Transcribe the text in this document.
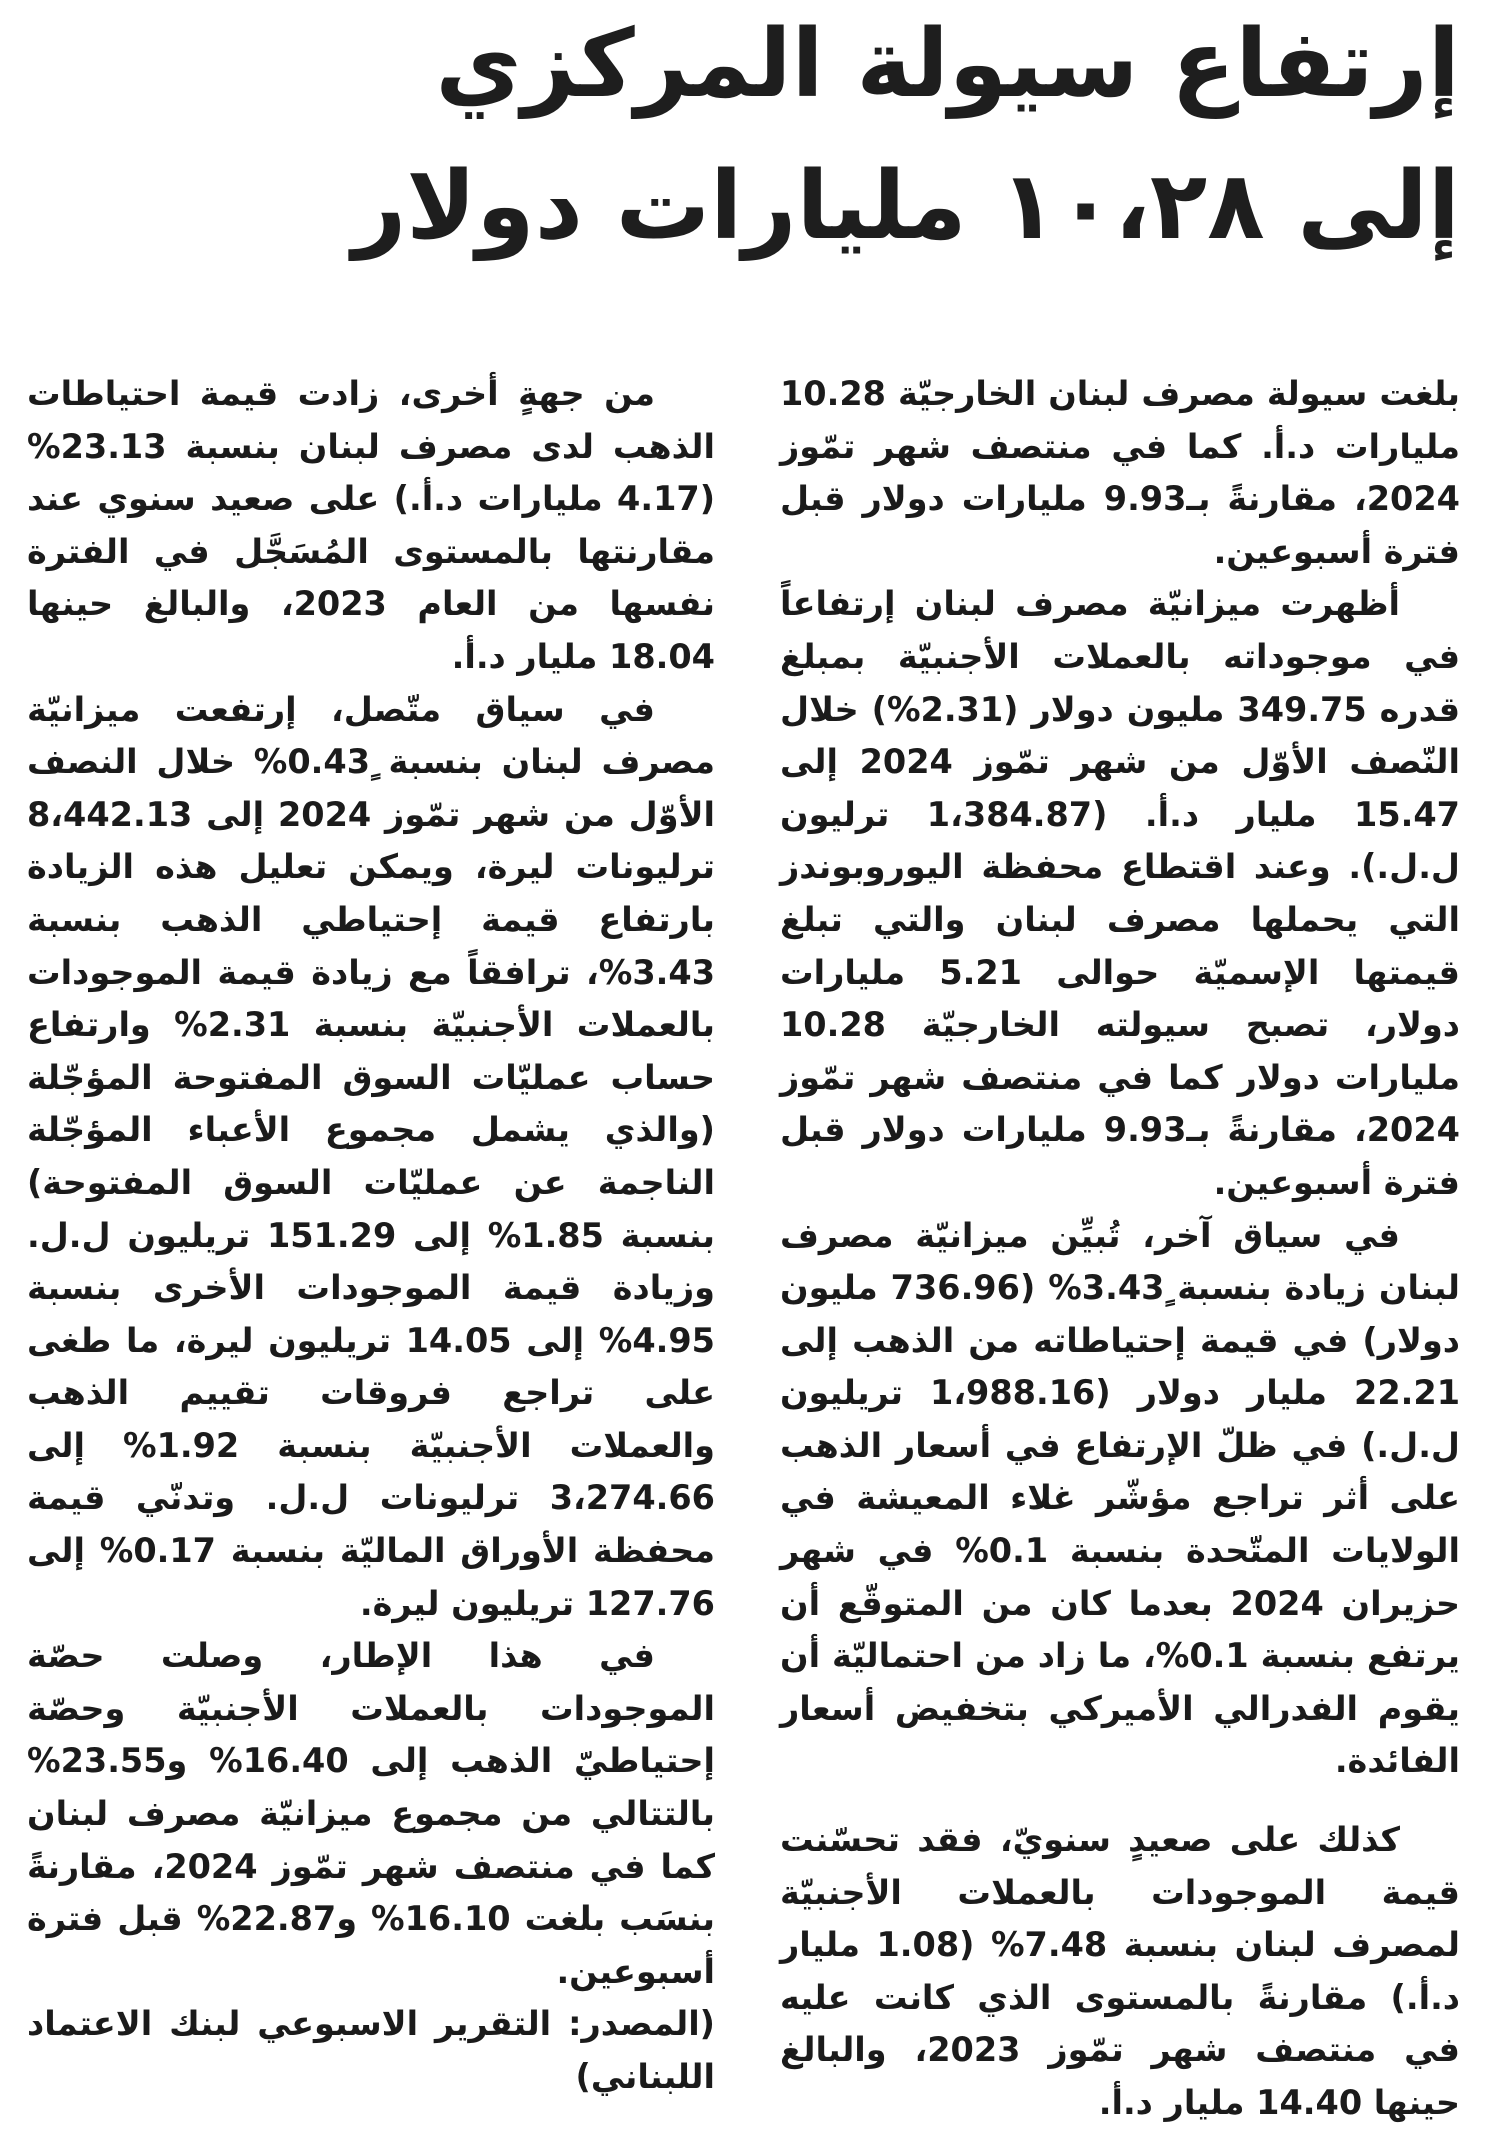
إرتفاع سيولة المركزي
إلى ١٠،٢٨ مليارات دولار

بلغت سيولة مصرف لبنان الخارجيّة 10.28 مليارات د.أ. كما في منتصف شهر تمّوز 2024، مقارنةً بـ9.93 مليارات دولار قبل فترة أسبوعين.

أظهرت ميزانيّة مصرف لبنان إرتفاعاً في موجوداته بالعملات الأجنبيّة بمبلغ قدره 349.75 مليون دولار (2.31%) خلال النّصف الأوّل من شهر تمّوز 2024 إلى 15.47 مليار د.أ. (1،384.87 ترليون ل.ل.). وعند اقتطاع محفظة اليوروبوندز التي يحملها مصرف لبنان والتي تبلغ قيمتها الإسميّة حوالى 5.21 مليارات دولار، تصبح سيولته الخارجيّة 10.28 مليارات دولار كما في منتصف شهر تمّوز 2024، مقارنةً بـ9.93 مليارات دولار قبل فترة أسبوعين.

في سياق آخر، تُبيِّن ميزانيّة مصرف لبنان زيادة بنسبة ٍ3.43% (736.96 مليون دولار) في قيمة إحتياطاته من الذهب إلى 22.21 مليار دولار (1،988.16 تريليون ل.ل.) في ظلّ الإرتفاع في أسعار الذهب على أثر تراجع مؤشّر غلاء المعيشة في الولايات المتّحدة بنسبة 0.1% في شهر حزيران 2024 بعدما كان من المتوقّع أن يرتفع بنسبة 0.1%، ما زاد من احتماليّة أن يقوم الفدرالي الأميركي بتخفيض أسعار الفائدة.

كذلك على صعيدٍ سنويّ، فقد تحسّنت قيمة الموجودات بالعملات الأجنبيّة لمصرف لبنان بنسبة 7.48% (1.08 مليار د.أ.) مقارنةً بالمستوى الذي كانت عليه في منتصف شهر تمّوز 2023، والبالغ حينها 14.40 مليار د.أ.

من جهةٍ أخرى، زادت قيمة احتياطات الذهب لدى مصرف لبنان بنسبة 23.13% (4.17 مليارات د.أ.) على صعيد سنوي عند مقارنتها بالمستوى المُسَجَّل في الفترة نفسها من العام 2023، والبالغ حينها 18.04 مليار د.أ.

في سياق متّصل، إرتفعت ميزانيّة مصرف لبنان بنسبة ٍ0.43% خلال النصف الأوّل من شهر تمّوز 2024 إلى 8،442.13 ترليونات ليرة، ويمكن تعليل هذه الزيادة بارتفاع قيمة إحتياطي الذهب بنسبة 3.43%، ترافقاً مع زيادة قيمة الموجودات بالعملات الأجنبيّة بنسبة 2.31% وارتفاع حساب عمليّات السوق المفتوحة المؤجّلة (والذي يشمل مجموع الأعباء المؤجّلة الناجمة عن عمليّات السوق المفتوحة) بنسبة 1.85% إلى 151.29 تريليون ل.ل. وزيادة قيمة الموجودات الأخرى بنسبة 4.95% إلى 14.05 تريليون ليرة، ما طغى على تراجع فروقات تقييم الذهب والعملات الأجنبيّة بنسبة 1.92% إلى 3،274.66 ترليونات ل.ل. وتدنّي قيمة محفظة الأوراق الماليّة بنسبة 0.17% إلى 127.76 تريليون ليرة.

في هذا الإطار، وصلت حصّة الموجودات بالعملات الأجنبيّة وحصّة إحتياطيّ الذهب إلى 16.40% و23.55% بالتتالي من مجموع ميزانيّة مصرف لبنان كما في منتصف شهر تمّوز 2024، مقارنةً بنسَب بلغت 16.10% و22.87% قبل فترة أسبوعين.

(المصدر: التقرير الاسبوعي لبنك الاعتماد اللبناني)
